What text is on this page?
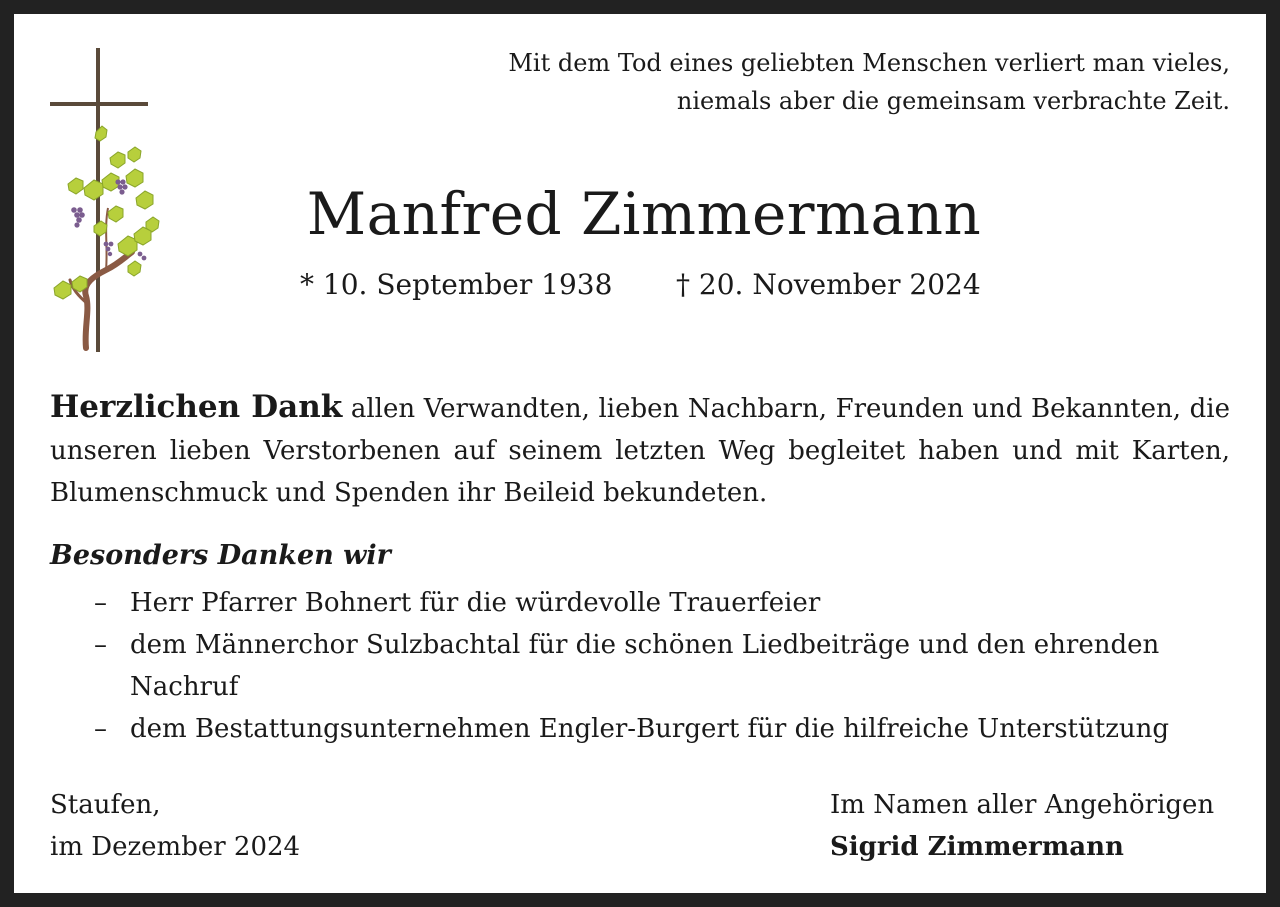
Mit dem Tod eines geliebten Menschen verliert man vieles,
niemals aber die gemeinsam verbrachte Zeit.
Manfred Zimmermann
* 10. September 1938 † 20. November 2024
Herzlichen Dank allen Verwandten, lieben Nachbarn, Freunden und Bekannten, die unseren lieben Verstorbenen auf seinem letzten Weg begleitet haben und mit Karten, Blumenschmuck und Spenden ihr Beileid bekundeten.
Besonders Danken wir
– Herr Pfarrer Bohnert für die würdevolle Trauerfeier
– dem Männerchor Sulzbachtal für die schönen Liedbeiträge und den ehrenden Nachruf
– dem Bestattungsunternehmen Engler-Burgert für die hilfreiche Unterstützung
Staufen,
im Dezember 2024
Im Namen aller Angehörigen
Sigrid Zimmermann
